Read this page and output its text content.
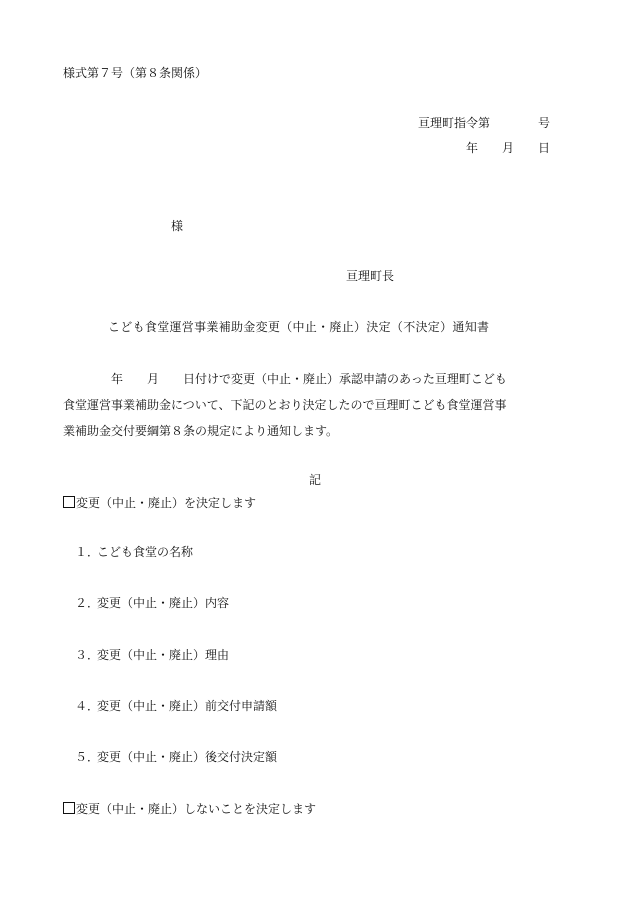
様式第７号（第８条関係）
亘理町指令第　　　　号
年　　月　　日
様
亘理町長
こども食堂運営事業補助金変更（中止・廃止）決定（不決定）通知書

　　　　年　　月　　日付けで変更（中止・廃止）承認申請のあった亘理町こども

食堂運営事業補助金について、下記のとおり決定したので亘理町こども食堂運営事

業補助金交付要綱第８条の規定により通知します。

記
変更（中止・廃止）を決定します
１．こども食堂の名称
２．変更（中止・廃止）内容
３．変更（中止・廃止）理由
４．変更（中止・廃止）前交付申請額
５．変更（中止・廃止）後交付決定額
変更（中止・廃止）しないことを決定します
